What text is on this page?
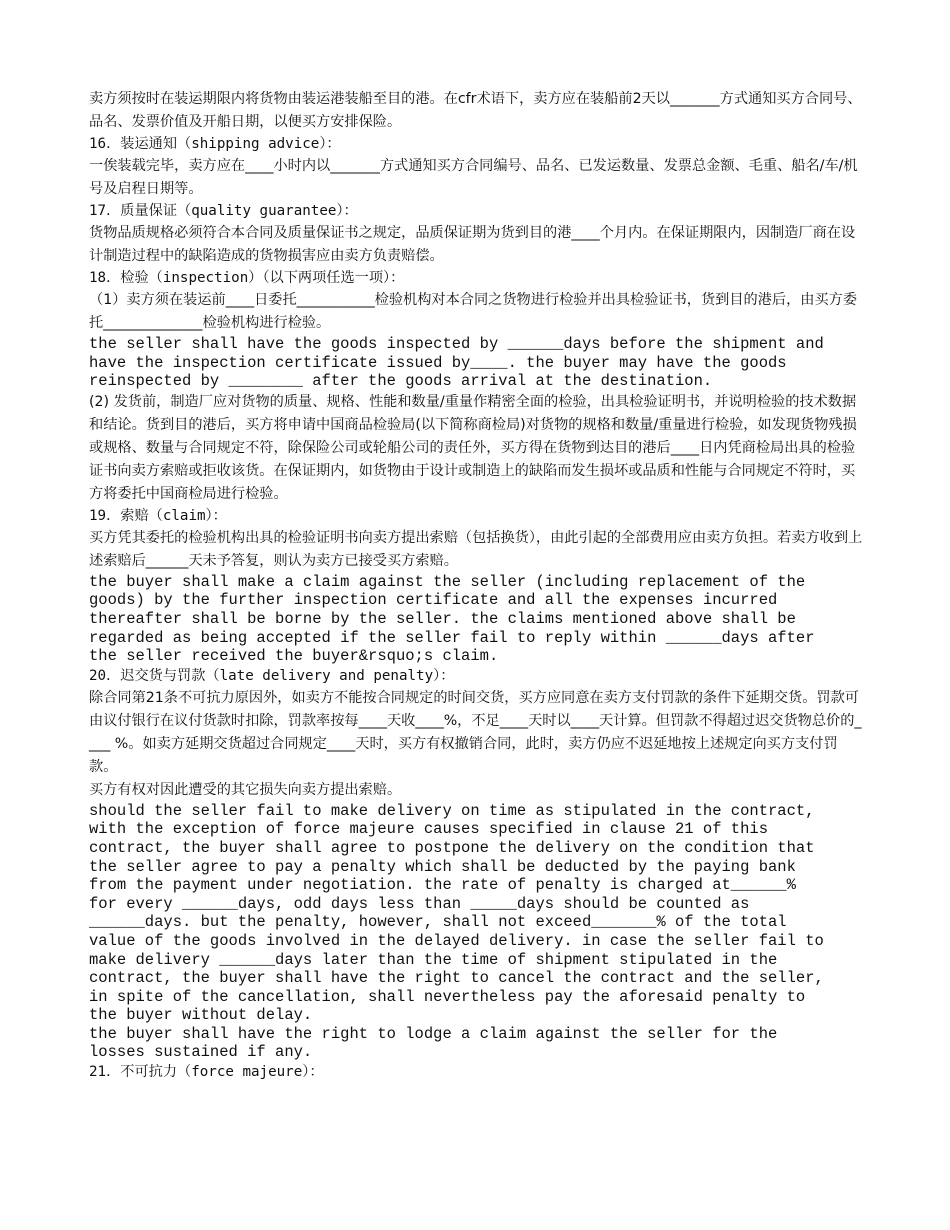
卖方须按时在装运期限内将货物由装运港装船至目的港。在cfr术语下，卖方应在装船前2天以_______方式通知买方合同号、品名、发票价值及开船日期，以便买方安排保险。

16．装运通知（shipping advice）：

一俟装载完毕，卖方应在____小时内以_______方式通知买方合同编号、品名、已发运数量、发票总金额、毛重、船名/车/机号及启程日期等。

17．质量保证（quality guarantee）：

货物品质规格必须符合本合同及质量保证书之规定，品质保证期为货到目的港____个月内。在保证期限内，因制造厂商在设计制造过程中的缺陷造成的货物损害应由卖方负责赔偿。

18．检验（inspection）（以下两项任选一项）：

（1）卖方须在装运前____日委托___________检验机构对本合同之货物进行检验并出具检验证书，货到目的港后，由买方委托______________检验机构进行检验。

the seller shall have the goods inspected by ______days before the shipment and

have the inspection certificate issued by____. the buyer may have the goods

reinspected by ________ after the goods arrival at the destination.

(2) 发货前，制造厂应对货物的质量、规格、性能和数量/重量作精密全面的检验，出具检验证明书，并说明检验的技术数据和结论。货到目的港后，买方将申请中国商品检验局(以下简称商检局)对货物的规格和数量/重量进行检验，如发现货物残损或规格、数量与合同规定不符，除保险公司或轮船公司的责任外，买方得在货物到达目的港后____日内凭商检局出具的检验证书向卖方索赔或拒收该货。在保证期内，如货物由于设计或制造上的缺陷而发生损坏或品质和性能与合同规定不符时，买方将委托中国商检局进行检验。

19．索赔（claim）：

买方凭其委托的检验机构出具的检验证明书向卖方提出索赔（包括换货），由此引起的全部费用应由卖方负担。若卖方收到上述索赔后______天未予答复，则认为卖方已接受买方索赔。

the buyer shall make a claim against the seller (including replacement of the

goods) by the further inspection certificate and all the expenses incurred

thereafter shall be borne by the seller. the claims mentioned above shall be

regarded as being accepted if the seller fail to reply within ______days after

the seller received the buyer&rsquo;s claim.

20．迟交货与罚款（late delivery and penalty）：

除合同第21条不可抗力原因外，如卖方不能按合同规定的时间交货，买方应同意在卖方支付罚款的条件下延期交货。罚款可由议付银行在议付货款时扣除，罚款率按每____天收____%，不足____天时以____天计算。但罚款不得超过迟交货物总价的____ %。如卖方延期交货超过合同规定____天时，买方有权撤销合同，此时，卖方仍应不迟延地按上述规定向买方支付罚款。

买方有权对因此遭受的其它损失向卖方提出索赔。

should the seller fail to make delivery on time as stipulated in the contract,

with the exception of force majeure causes specified in clause 21 of this

contract, the buyer shall agree to postpone the delivery on the condition that

the seller agree to pay a penalty which shall be deducted by the paying bank

from the payment under negotiation. the rate of penalty is charged at______%

for every ______days, odd days less than _____days should be counted as

______days. but the penalty, however, shall not exceed_______% of the total

value of the goods involved in the delayed delivery. in case the seller fail to

make delivery ______days later than the time of shipment stipulated in the

contract, the buyer shall have the right to cancel the contract and the seller,

in spite of the cancellation, shall nevertheless pay the aforesaid penalty to

the buyer without delay.

the buyer shall have the right to lodge a claim against the seller for the

losses sustained if any.

21．不可抗力（force majeure）：
